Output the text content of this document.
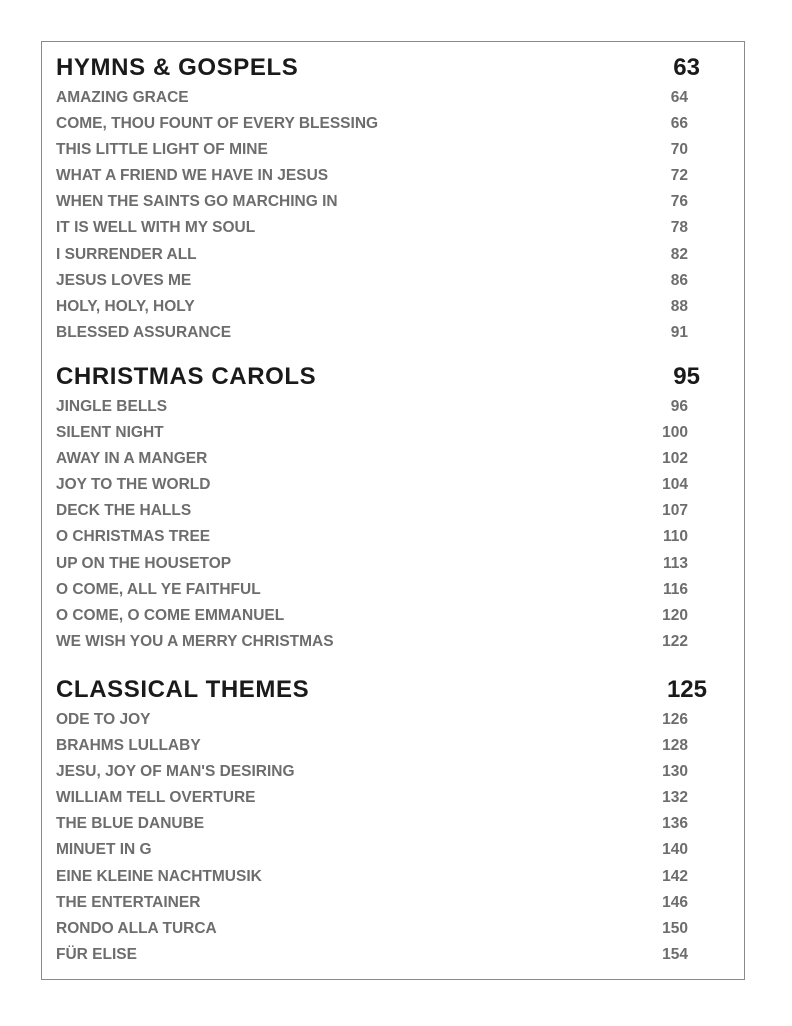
HYMNS & GOSPELS	63
AMAZING GRACE	64
COME, THOU FOUNT OF EVERY BLESSING	66
THIS LITTLE LIGHT OF MINE	70
WHAT A FRIEND WE HAVE IN JESUS	72
WHEN THE SAINTS GO MARCHING IN	76
IT IS WELL WITH MY SOUL	78
I SURRENDER ALL	82
JESUS LOVES ME	86
HOLY, HOLY, HOLY	88
BLESSED ASSURANCE	91
CHRISTMAS CAROLS	95
JINGLE BELLS	96
SILENT NIGHT	100
AWAY IN A MANGER	102
JOY TO THE WORLD	104
DECK THE HALLS	107
O CHRISTMAS TREE	110
UP ON THE HOUSETOP	113
O COME, ALL YE FAITHFUL	116
O COME, O COME EMMANUEL	120
WE WISH YOU A MERRY CHRISTMAS	122
CLASSICAL THEMES	125
ODE TO JOY	126
BRAHMS LULLABY	128
JESU, JOY OF MAN'S DESIRING	130
WILLIAM TELL OVERTURE	132
THE BLUE DANUBE	136
MINUET IN G	140
EINE KLEINE NACHTMUSIK	142
THE ENTERTAINER	146
RONDO ALLA TURCA	150
FÜR ELISE	154
